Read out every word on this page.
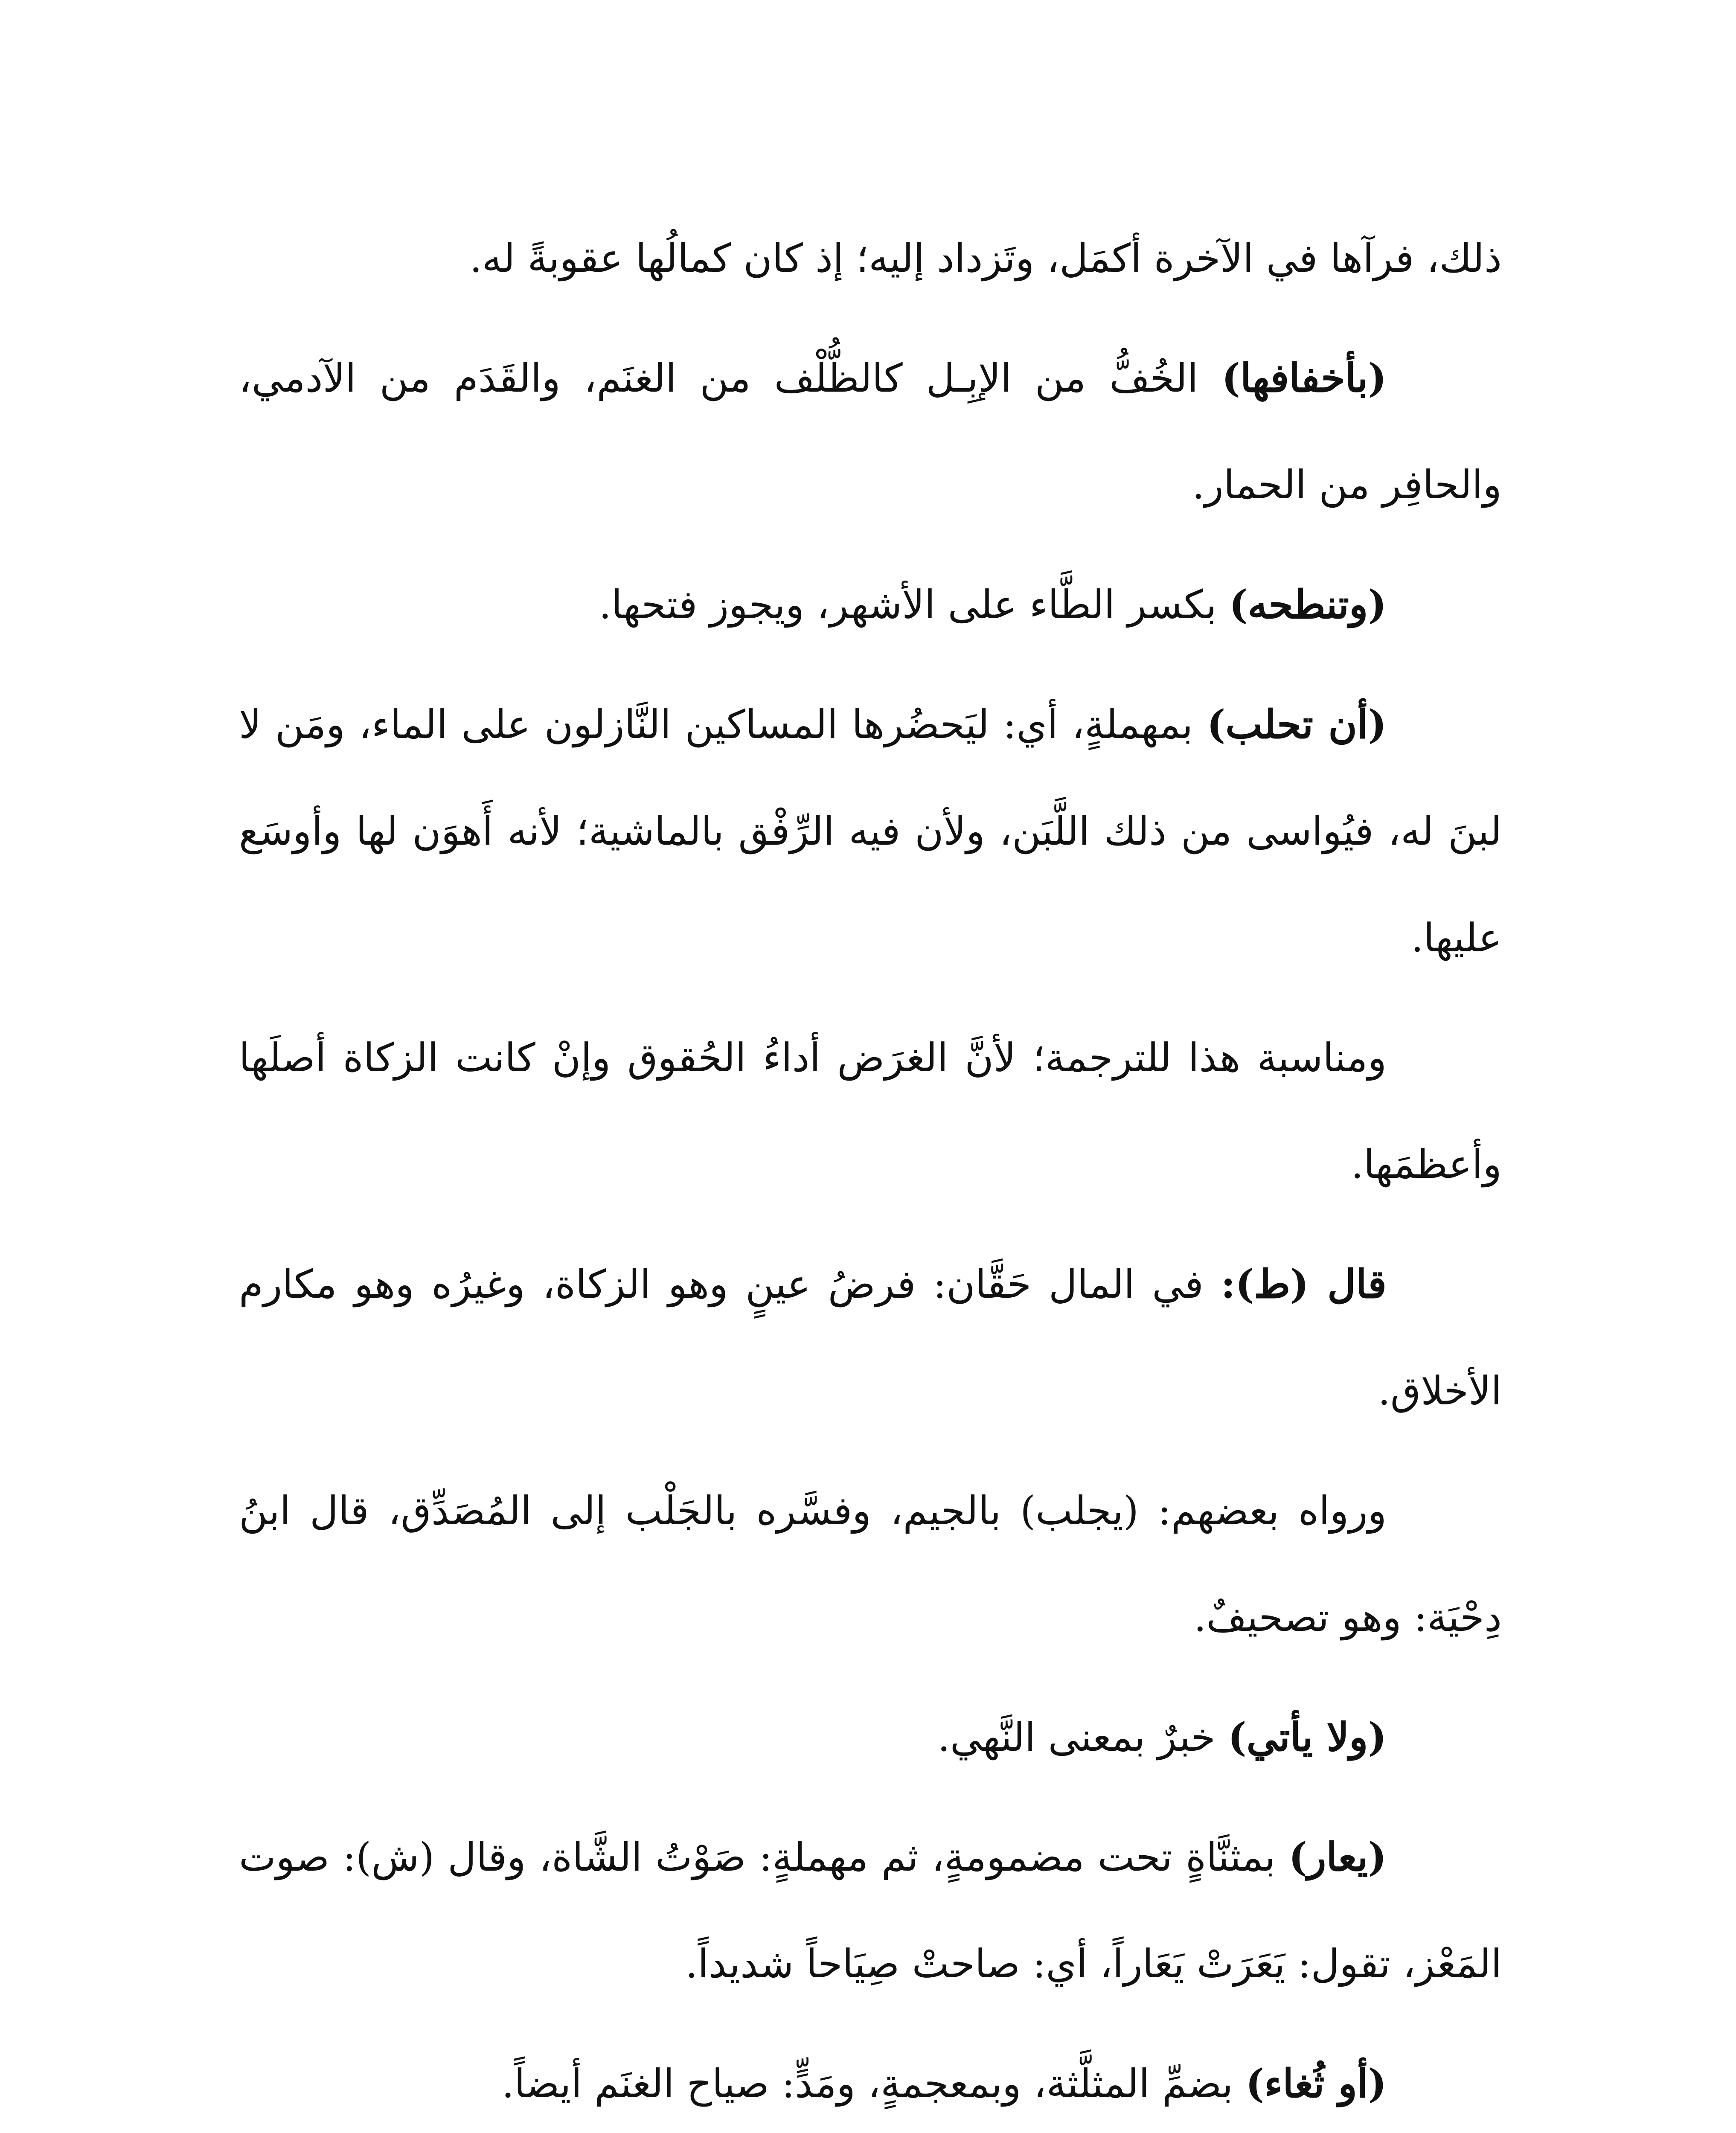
ذلك، فرآها في الآخرة أكمَل، وتَزداد إليه؛ إذ كان كمالُها عقوبةً له.

(بأخفافها) الخُفُّ من الإبِـل كالظُّلْف من الغنَم، والقَدَم من الآدمي، والحافِر من الحمار.

(وتنطحه) بكسر الطَّاء على الأشهر، ويجوز فتحها.

(أن تحلب) بمهملةٍ، أي: ليَحضُرها المساكين النَّازلون على الماء، ومَن لا لبنَ له، فيُواسى من ذلك اللَّبَن، ولأن فيه الرِّفْق بالماشية؛ لأنه أَهوَن لها وأوسَع عليها.

ومناسبة هذا للترجمة؛ لأنَّ الغرَض أداءُ الحُقوق وإنْ كانت الزكاة أصلَها وأعظمَها.

قال (ط): في المال حَقَّان: فرضُ عينٍ وهو الزكاة، وغيرُه وهو مكارم الأخلاق.

ورواه بعضهم: (يجلب) بالجيم، وفسَّره بالجَلْب إلى المُصَدِّق، قال ابنُ دِحْيَة: وهو تصحيفٌ.

(ولا يأتي) خبرٌ بمعنى النَّهي.

(يعار) بمثنَّاةٍ تحت مضمومةٍ، ثم مهملةٍ: صَوْتُ الشَّاة، وقال (ش): صوت المَعْز، تقول: يَعَرَتْ يَعَاراً، أي: صاحتْ صِيَاحاً شديداً.

(أو ثُغاء) بضمِّ المثلَّثة، وبمعجمةٍ، ومَدٍّ: صياح الغنَم أيضاً.
